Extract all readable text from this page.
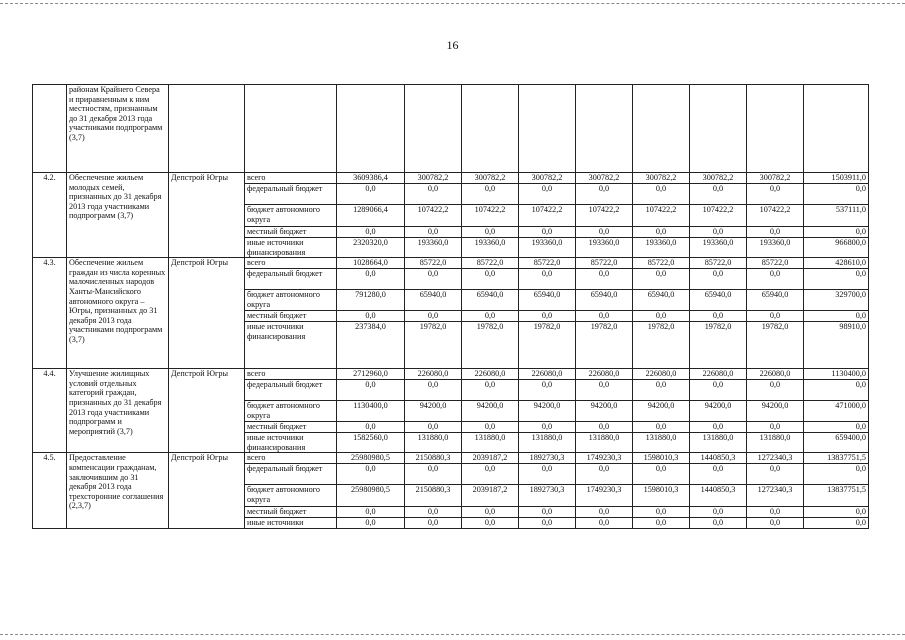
16
	районам Крайнего Севера и приравненным к ним местностям, признанным до 31 декабря 2013 года участниками подпрограмм (3,7)											
4.2.	Обеспечение жильем молодых семей, признанных до 31 декабря 2013 года участниками подпрограмм (3,7)	Депстрой Югры	всего	3609386,4	300782,2	300782,2	300782,2	300782,2	300782,2	300782,2	300782,2	1503911,0
			федеральный бюджет	0,0	0,0	0,0	0,0	0,0	0,0	0,0	0,0	0,0
			бюджет автономного округа	1289066,4	107422,2	107422,2	107422,2	107422,2	107422,2	107422,2	107422,2	537111,0
			местный бюджет	0,0	0,0	0,0	0,0	0,0	0,0	0,0	0,0	0,0
			иные источники финансирования	2320320,0	193360,0	193360,0	193360,0	193360,0	193360,0	193360,0	193360,0	966800,0
4.3.	Обеспечение жильем граждан из числа коренных малочисленных народов Ханты-Мансийского автономного округа – Югры, признанных до 31 декабря 2013 года участниками подпрограмм (3,7)	Депстрой Югры	всего	1028664,0	85722,0	85722,0	85722,0	85722,0	85722,0	85722,0	85722,0	428610,0
			федеральный бюджет	0,0	0,0	0,0	0,0	0,0	0,0	0,0	0,0	0,0
			бюджет автономного округа	791280,0	65940,0	65940,0	65940,0	65940,0	65940,0	65940,0	65940,0	329700,0
			местный бюджет	0,0	0,0	0,0	0,0	0,0	0,0	0,0	0,0	0,0
			иные источники финансирования	237384,0	19782,0	19782,0	19782,0	19782,0	19782,0	19782,0	19782,0	98910,0
4.4.	Улучшение жилищных условий отдельных категорий граждан, признанных до 31 декабря 2013 года участниками подпрограмм и мероприятий (3,7)	Депстрой Югры	всего	2712960,0	226080,0	226080,0	226080,0	226080,0	226080,0	226080,0	226080,0	1130400,0
			федеральный бюджет	0,0	0,0	0,0	0,0	0,0	0,0	0,0	0,0	0,0
			бюджет автономного округа	1130400,0	94200,0	94200,0	94200,0	94200,0	94200,0	94200,0	94200,0	471000,0
			местный бюджет	0,0	0,0	0,0	0,0	0,0	0,0	0,0	0,0	0,0
			иные источники финансирования	1582560,0	131880,0	131880,0	131880,0	131880,0	131880,0	131880,0	131880,0	659400,0
4.5.	Предоставление компенсации гражданам, заключившим до 31 декабря 2013 года трехсторонние соглашения (2,3,7)	Депстрой Югры	всего	25980980,5	2150880,3	2039187,2	1892730,3	1749230,3	1598010,3	1440850,3	1272340,3	13837751,5
			федеральный бюджет	0,0	0,0	0,0	0,0	0,0	0,0	0,0	0,0	0,0
			бюджет автономного округа	25980980,5	2150880,3	2039187,2	1892730,3	1749230,3	1598010,3	1440850,3	1272340,3	13837751,5
			местный бюджет	0,0	0,0	0,0	0,0	0,0	0,0	0,0	0,0	0,0
			иные источники	0,0	0,0	0,0	0,0	0,0	0,0	0,0	0,0	0,0
